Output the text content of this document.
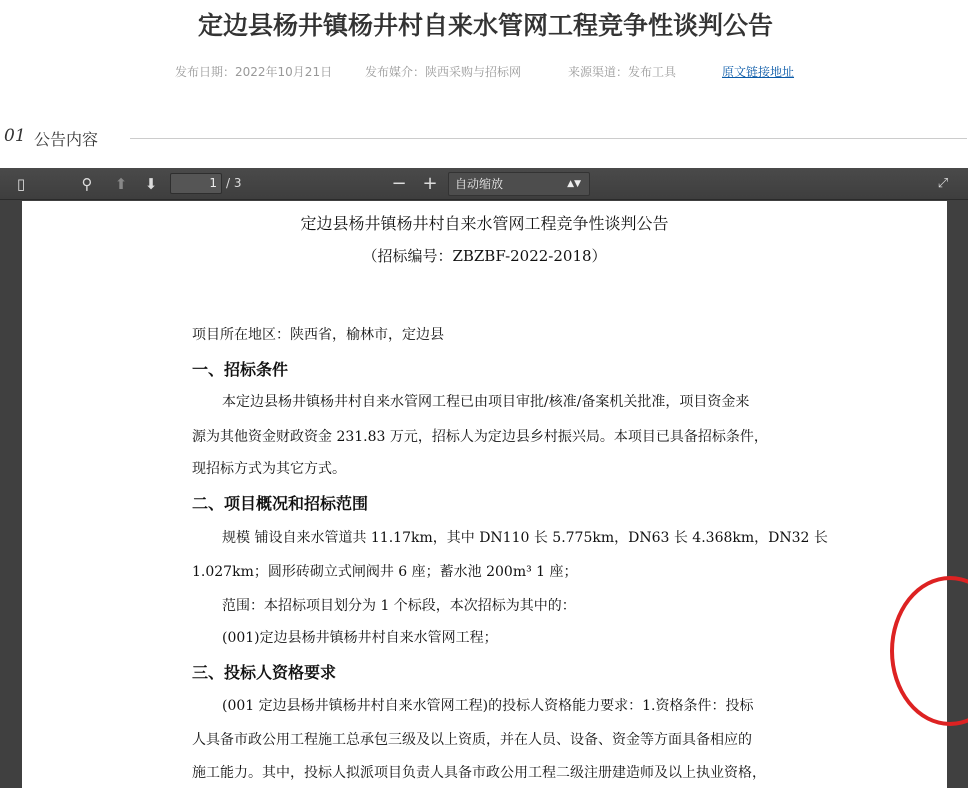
定边县杨井镇杨井村自来水管网工程竞争性谈判公告
发布日期：2022年10月21日	发布媒介：陕西采购与招标网	来源渠道：发布工具	原文链接地址
01 公告内容
▯	⚲	⬆	⬇	1 / 3	− +	自动缩放	▲▼	⤢
定边县杨井镇杨井村自来水管网工程竞争性谈判公告
（招标编号：ZBZBF-2022-2018）
项目所在地区：陕西省，榆林市，定边县
一、招标条件
本定边县杨井镇杨井村自来水管网工程已由项目审批/核准/备案机关批准，项目资金来
源为其他资金财政资金 231.83 万元，招标人为定边县乡村振兴局。本项目已具备招标条件，
现招标方式为其它方式。
二、项目概况和招标范围
规模 铺设自来水管道共 11.17km，其中 DN110 长 5.775km，DN63 长 4.368km，DN32 长
1.027km；圆形砖砌立式闸阀井 6 座；蓄水池 200m³ 1 座；
范围：本招标项目划分为 1 个标段，本次招标为其中的：
(001)定边县杨井镇杨井村自来水管网工程；
三、投标人资格要求
(001 定边县杨井镇杨井村自来水管网工程)的投标人资格能力要求：1.资格条件：投标
人具备市政公用工程施工总承包三级及以上资质，并在人员、设备、资金等方面具备相应的
施工能力。其中，投标人拟派项目负责人具备市政公用工程二级注册建造师及以上执业资格，
